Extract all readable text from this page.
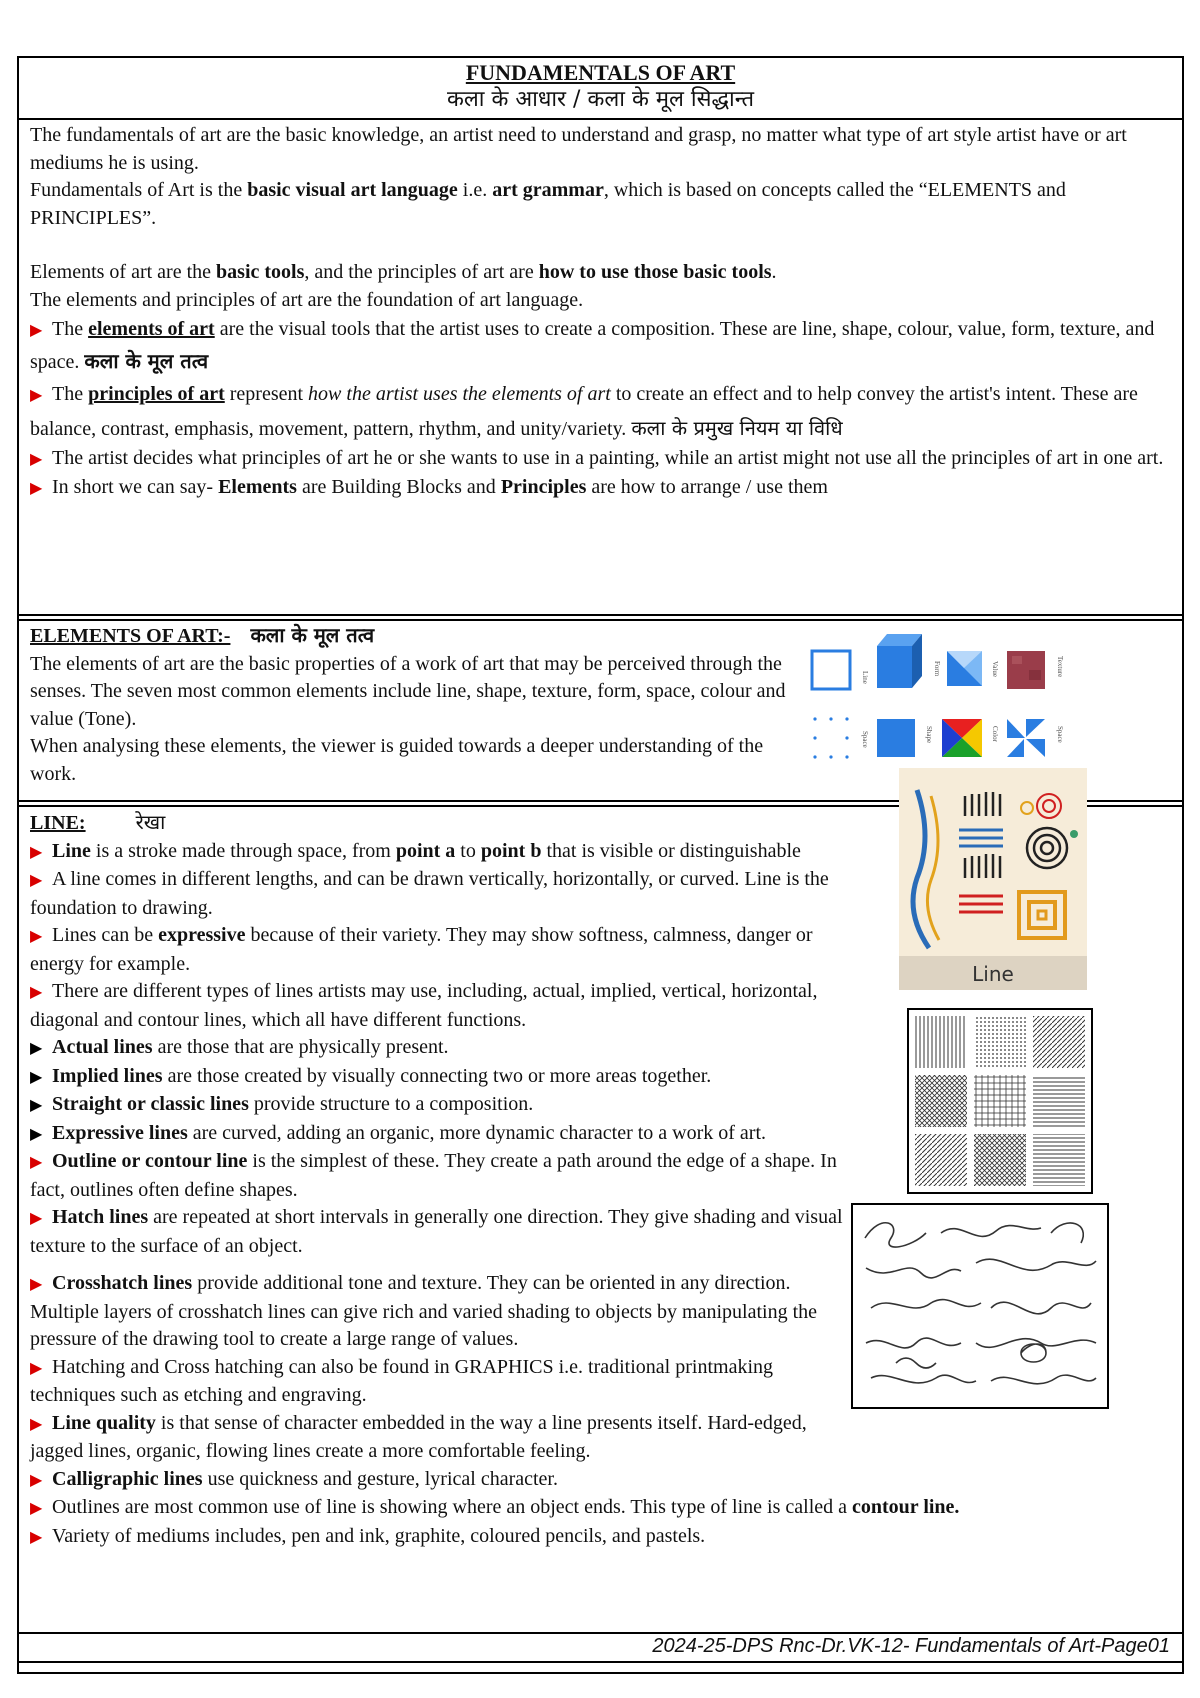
FUNDAMENTALS OF ART

कला के आधार / कला के मूल सिद्धान्त

The fundamentals of art are the basic knowledge, an artist need to understand and grasp, no matter what type of art style artist have or art mediums he is using.

Fundamentals of Art is the basic visual art language i.e. art grammar, which is based on concepts called the “ELEMENTS and PRINCIPLES”.

Elements of art are the basic tools, and the principles of art are how to use those basic tools.

The elements and principles of art are the foundation of art language.

▶ The elements of art are the visual tools that the artist uses to create a composition. These are line, shape, colour, value, form, texture, and space. कला के मूल तत्व

▶ The principles of art represent how the artist uses the elements of art to create an effect and to help convey the artist's intent. These are balance, contrast, emphasis, movement, pattern, rhythm, and unity/variety. कला के प्रमुख नियम या विधि

▶ The artist decides what principles of art he or she wants to use in a painting, while an artist might not use all the principles of art in one art.

▶ In short we can say- Elements are Building Blocks and Principles are how to arrange / use them

ELEMENTS OF ART:- कला के मूल तत्व

The elements of art are the basic properties of a work of art that may be perceived through the senses. The seven most common elements include line, shape, texture, form, space, colour and value (Tone).

When analysing these elements, the viewer is guided towards a deeper understanding of the work.

Line
Form	Value	Texture
Space	Shape	Color	Space

LINE:	रेखा

▶ Line is a stroke made through space, from point a to point b that is visible or distinguishable

▶ A line comes in different lengths, and can be drawn vertically, horizontally, or curved. Line is the foundation to drawing.

▶ Lines can be expressive because of their variety. They may show softness, calmness, danger or energy for example.

▶ There are different types of lines artists may use, including, actual, implied, vertical, horizontal, diagonal and contour lines, which all have different functions.

▶ Actual lines are those that are physically present.

▶ Implied lines are those created by visually connecting two or more areas together.

▶ Straight or classic lines provide structure to a composition.

▶ Expressive lines are curved, adding an organic, more dynamic character to a work of art.

▶ Outline or contour line is the simplest of these. They create a path around the edge of a shape. In fact, outlines often define shapes.

▶ Hatch lines are repeated at short intervals in generally one direction. They give shading and visual texture to the surface of an object.

▶ Crosshatch lines provide additional tone and texture. They can be oriented in any direction. Multiple layers of crosshatch lines can give rich and varied shading to objects by manipulating the pressure of the drawing tool to create a large range of values.

▶ Hatching and Cross hatching can also be found in GRAPHICS i.e. traditional printmaking techniques such as etching and engraving.

▶ Line quality is that sense of character embedded in the way a line presents itself. Hard-edged, jagged lines, organic, flowing lines create a more comfortable feeling.

▶ Calligraphic lines use quickness and gesture, lyrical character.

▶ Outlines are most common use of line is showing where an object ends. This type of line is called a contour line.

▶ Variety of mediums includes, pen and ink, graphite, coloured pencils, and pastels.

Line
2024-25-DPS Rnc-Dr.VK-12- Fundamentals of Art-Page01
